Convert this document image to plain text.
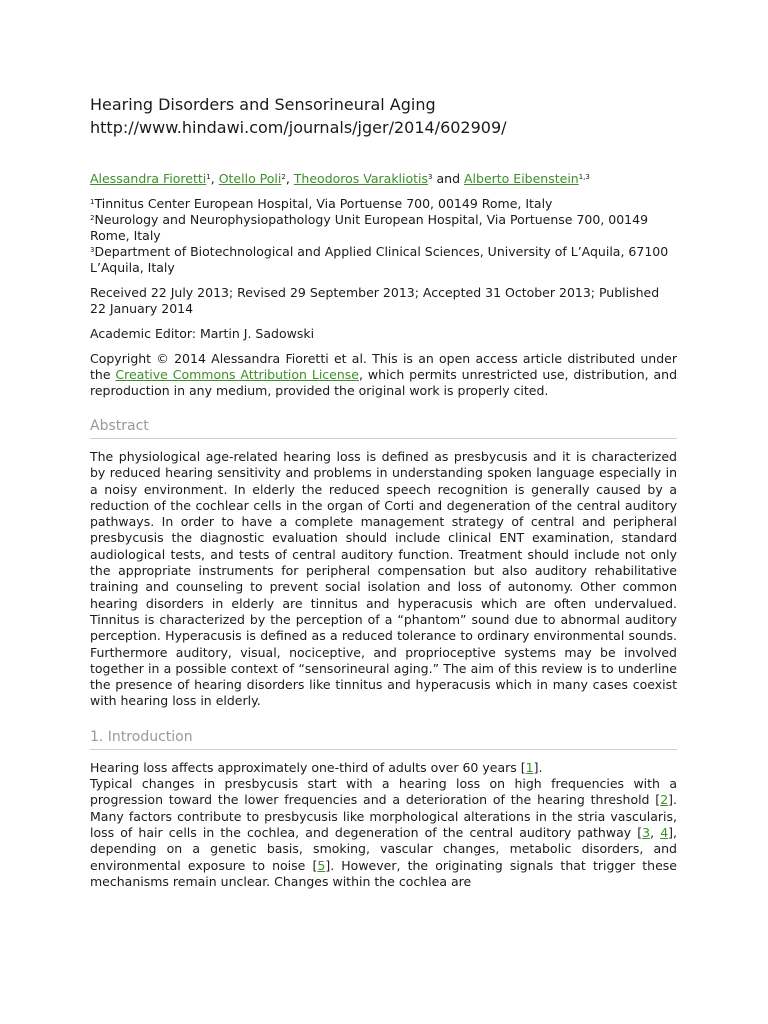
Hearing Disorders and Sensorineural Aging
http://www.hindawi.com/journals/jger/2014/602909/
Alessandra Fioretti$^1$, Otello Poli$^2$, Theodoros Varakliotis$^3$ and Alberto Eibenstein$^{1,3}$
$^1$Tinnitus Center European Hospital, Via Portuense 700, 00149 Rome, Italy
$^2$Neurology and Neurophysiopathology Unit European Hospital, Via Portuense 700, 00149 Rome, Italy
$^3$Department of Biotechnological and Applied Clinical Sciences, University of L’Aquila, 67100 L’Aquila, Italy

Received 22 July 2013; Revised 29 September 2013; Accepted 31 October 2013; Published 22 January 2014

Academic Editor: Martin J. Sadowski

Copyright © 2014 Alessandra Fioretti et al. This is an open access article distributed under the Creative Commons Attribution License, which permits unrestricted use, distribution, and reproduction in any medium, provided the original work is properly cited.

Abstract

The physiological age-related hearing loss is defined as presbycusis and it is characterized by reduced hearing sensitivity and problems in understanding spoken language especially in a noisy environment. In elderly the reduced speech recognition is generally caused by a reduction of the cochlear cells in the organ of Corti and degeneration of the central auditory pathways. In order to have a complete management strategy of central and peripheral presbycusis the diagnostic evaluation should include clinical ENT examination, standard audiological tests, and tests of central auditory function. Treatment should include not only the appropriate instruments for peripheral compensation but also auditory rehabilitative training and counseling to prevent social isolation and loss of autonomy. Other common hearing disorders in elderly are tinnitus and hyperacusis which are often undervalued. Tinnitus is characterized by the perception of a “phantom” sound due to abnormal auditory perception. Hyperacusis is defined as a reduced tolerance to ordinary environmental sounds. Furthermore auditory, visual, nociceptive, and proprioceptive systems may be involved together in a possible context of “sensorineural aging.” The aim of this review is to underline the presence of hearing disorders like tinnitus and hyperacusis which in many cases coexist with hearing loss in elderly.

1. Introduction

Hearing loss affects approximately one-third of adults over 60 years [1].

Typical changes in presbycusis start with a hearing loss on high frequencies with a progression toward the lower frequencies and a deterioration of the hearing threshold [2]. Many factors contribute to presbycusis like morphological alterations in the stria vascularis, loss of hair cells in the cochlea, and degeneration of the central auditory pathway [3, 4], depending on a genetic basis, smoking, vascular changes, metabolic disorders, and environmental exposure to noise [5]. However, the originating signals that trigger these mechanisms remain unclear. Changes within the cochlea are
